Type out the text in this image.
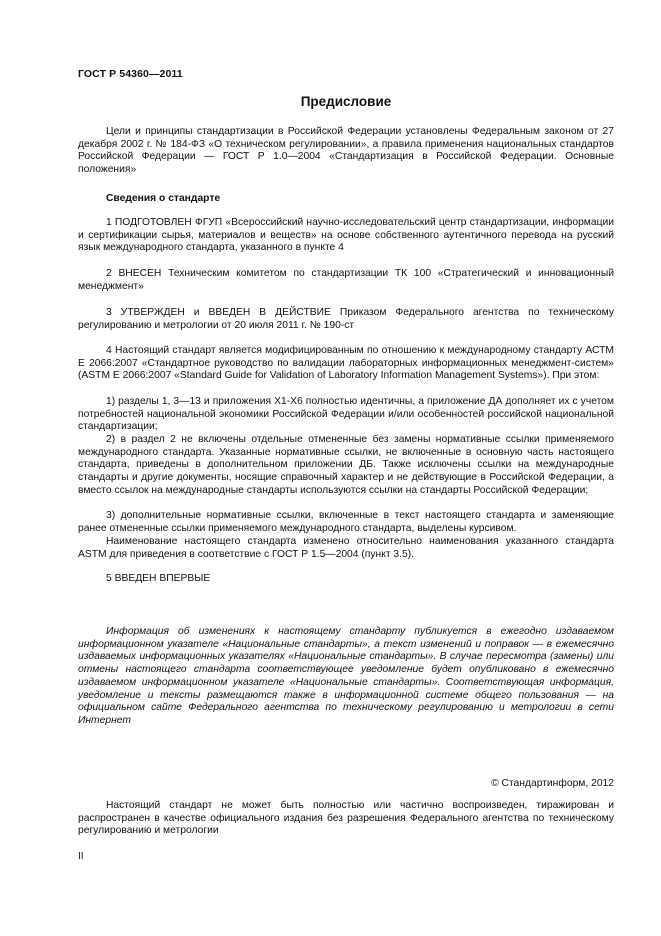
ГОСТ Р 54360—2011
Предисловие

Цели и принципы стандартизации в Российской Федерации установлены Федеральным законом от 27 декабря 2002 г. № 184-ФЗ «О техническом регулировании», а правила применения национальных стандартов Российской Федерации — ГОСТ Р 1.0—2004 «Стандартизация в Российской Федерации. Основные положения»

Сведения о стандарте

1 ПОДГОТОВЛЕН ФГУП «Всероссийский научно-исследовательский центр стандартизации, информации и сертификации сырья, материалов и веществ» на основе собственного аутентичного перевода на русский язык международного стандарта, указанного в пункте 4

2 ВНЕСЕН Техническим комитетом по стандартизации ТК 100 «Стратегический и инновационный менеджмент»

3 УТВЕРЖДЕН и ВВЕДЕН В ДЕЙСТВИЕ Приказом Федерального агентства по техническому регулированию и метрологии от 20 июля 2011 г. № 190-ст

4 Настоящий стандарт является модифицированным по отношению к международному стандарту АСТМ Е 2066:2007 «Стандартное руководство по валидации лабораторных информационных менеджмент-систем» (ASTM E 2066:2007 «Standard Guide for Validation of Laboratory Information Management Systems»). При этом:

1) разделы 1, 3—13 и приложения Х1-Х6 полностью идентичны, а приложение ДА дополняет их с учетом потребностей национальной экономики Российской Федерации и/или особенностей российской национальной стандартизации;

2) в раздел 2 не включены отдельные отмененные без замены нормативные ссылки применяемого международного стандарта. Указанные нормативные ссылки, не включенные в основную часть настоящего стандарта, приведены в дополнительном приложении ДБ. Также исключены ссылки на международные стандарты и другие документы, носящие справочный характер и не действующие в Российской Федерации, а вместо ссылок на международные стандарты используются ссылки на стандарты Российской Федерации;

3) дополнительные нормативные ссылки, включенные в текст настоящего стандарта и заменяющие ранее отмененные ссылки применяемого международного стандарта, выделены курсивом.

Наименование настоящего стандарта изменено относительно наименования указанного стандарта ASTM для приведения в соответствие с ГОСТ Р 1.5—2004 (пункт 3.5).

5 ВВЕДЕН ВПЕРВЫЕ

Информация об изменениях к настоящему стандарту публикуется в ежегодно издаваемом информационном указателе «Национальные стандарты», а текст изменений и поправок — в ежемесячно издаваемых информационных указателях «Национальные стандарты». В случае пересмотра (замены) или отмены настоящего стандарта соответствующее уведомление будет опубликовано в ежемесячно издаваемом информационном указателе «Национальные стандарты». Соответствующая информация, уведомление и тексты размещаются также в информационной системе общего пользования — на официальном сайте Федерального агентства по техническому регулированию и метрологии в сети Интернет

© Стандартинформ, 2012

Настоящий стандарт не может быть полностью или частично воспроизведен, тиражирован и распространен в качестве официального издания без разрешения Федерального агентства по техническому регулированию и метрологии

II
